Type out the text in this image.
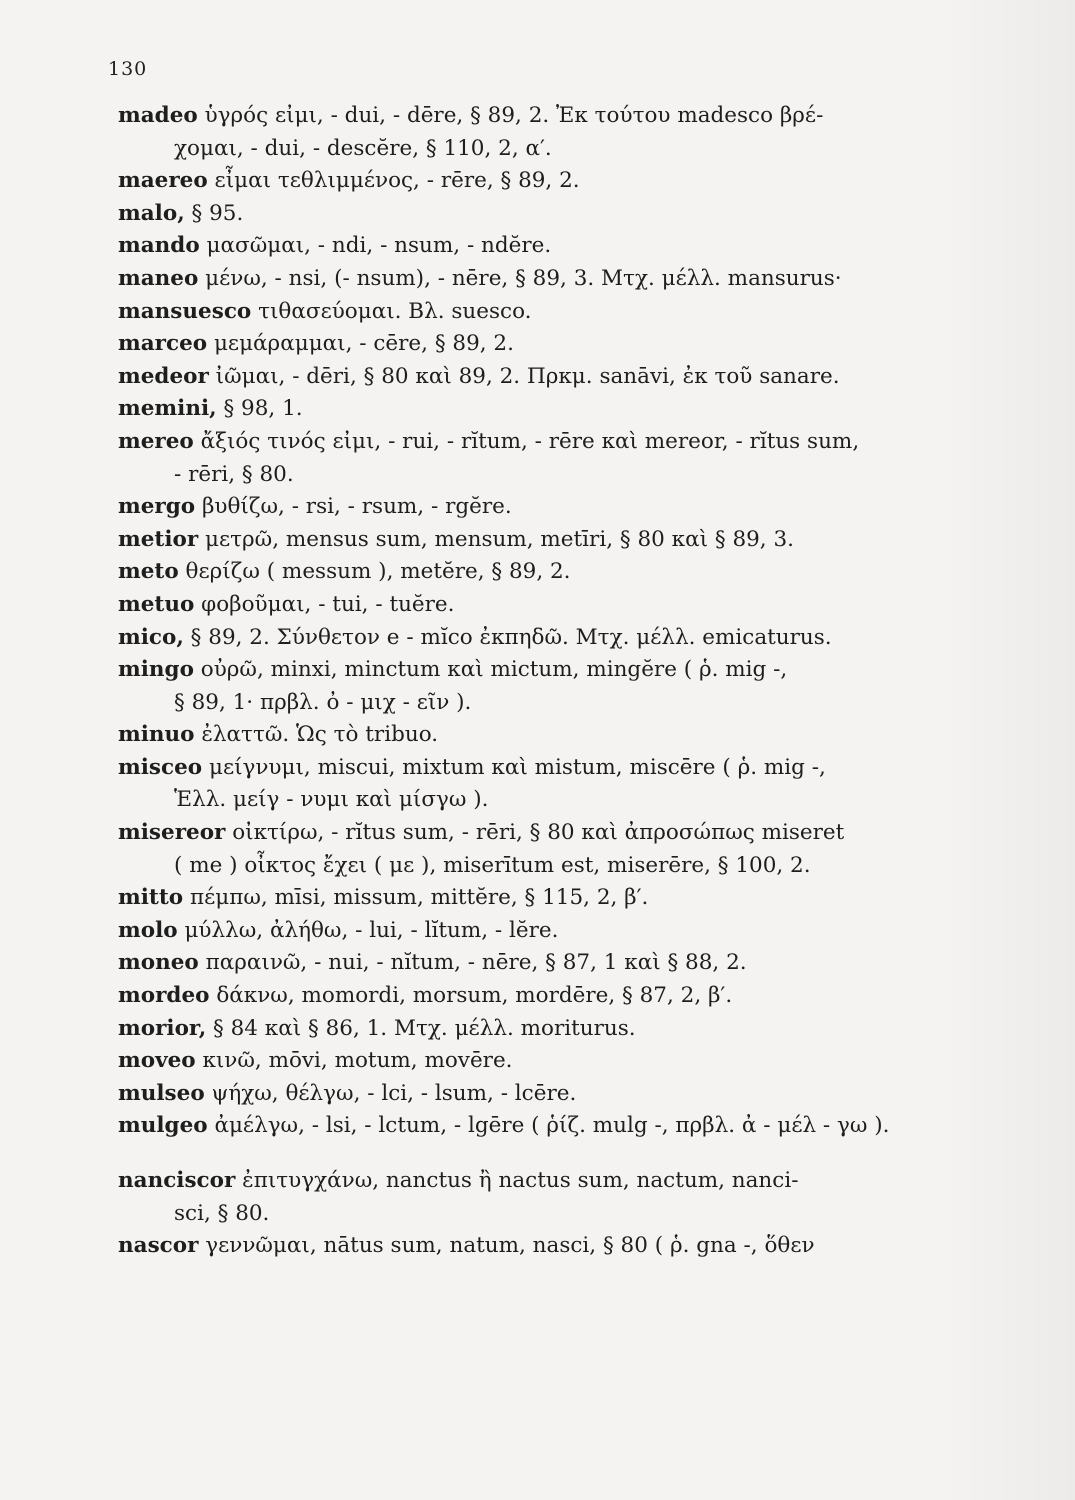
130
madeo ὑγρός εἰμι, - dui, - dēre, § 89, 2. Ἐκ τούτου madesco βρέ-
χομαι, - dui, - descĕre, § 110, 2, α′.
maereo εἶμαι τεθλιμμένος, - rēre, § 89, 2.
malo, § 95.
mando μασῶμαι, - ndi, - nsum, - ndĕre.
maneo μένω, - nsi, (- nsum), - nēre, § 89, 3. Μτχ. μέλλ. mansurus·
mansuesco τιθασεύομαι. Βλ. suesco.
marceo μεμάραμμαι, - cēre, § 89, 2.
medeor ἰῶμαι, - dēri, § 80 καὶ 89, 2. Πρκμ. sanāvi, ἐκ τοῦ sanare.
memini, § 98, 1.
mereo ἄξιός τινός εἰμι, - rui, - rĭtum, - rēre καὶ mereor, - rĭtus sum,
- rēri, § 80.
mergo βυθίζω, - rsi, - rsum, - rgĕre.
metior μετρῶ, mensus sum, mensum, metīri, § 80 καὶ § 89, 3.
meto θερίζω ( messum ), metĕre, § 89, 2.
metuo φοβοῦμαι, - tui, - tuĕre.
mico, § 89, 2. Σύνθετον e - mĭco ἐκπηδῶ. Μτχ. μέλλ. emicaturus.
mingo οὐρῶ, minxi, minctum καὶ mictum, mingĕre ( ῥ. mig -,
§ 89, 1· πρβλ. ὀ - μιχ - εῖν ).
minuo ἐλαττῶ. Ὡς τὸ tribuo.
misceo μείγνυμι, miscui, mixtum καὶ mistum, miscēre ( ῥ. mig -,
Ἑλλ. μείγ - νυμι καὶ μίσγω ).
misereor οἰκτίρω, - rĭtus sum, - rēri, § 80 καὶ ἀπροσώπως miseret
( me ) οἶκτος ἔχει ( με ), miserītum est, miserēre, § 100, 2.
mitto πέμπω, mīsi, missum, mittĕre, § 115, 2, β′.
molo μύλλω, ἀλήθω, - lui, - lĭtum, - lĕre.
moneo παραινῶ, - nui, - nĭtum, - nēre, § 87, 1 καὶ § 88, 2.
mordeo δάκνω, momordi, morsum, mordēre, § 87, 2, β′.
morior, § 84 καὶ § 86, 1. Μτχ. μέλλ. moriturus.
moveo κινῶ, mōvi, motum, movēre.
mulseo ψήχω, θέλγω, - lci, - lsum, - lcēre.
mulgeo ἀμέλγω, - lsi, - lctum, - lgēre ( ῥίζ. mulg -, πρβλ. ἀ - μέλ - γω ).
nanciscor ἐπιτυγχάνω, nanctus ἢ nactus sum, nactum, nanci-
sci, § 80.
nascor γεννῶμαι, nātus sum, natum, nasci, § 80 ( ῥ. gna -, ὅθεν
